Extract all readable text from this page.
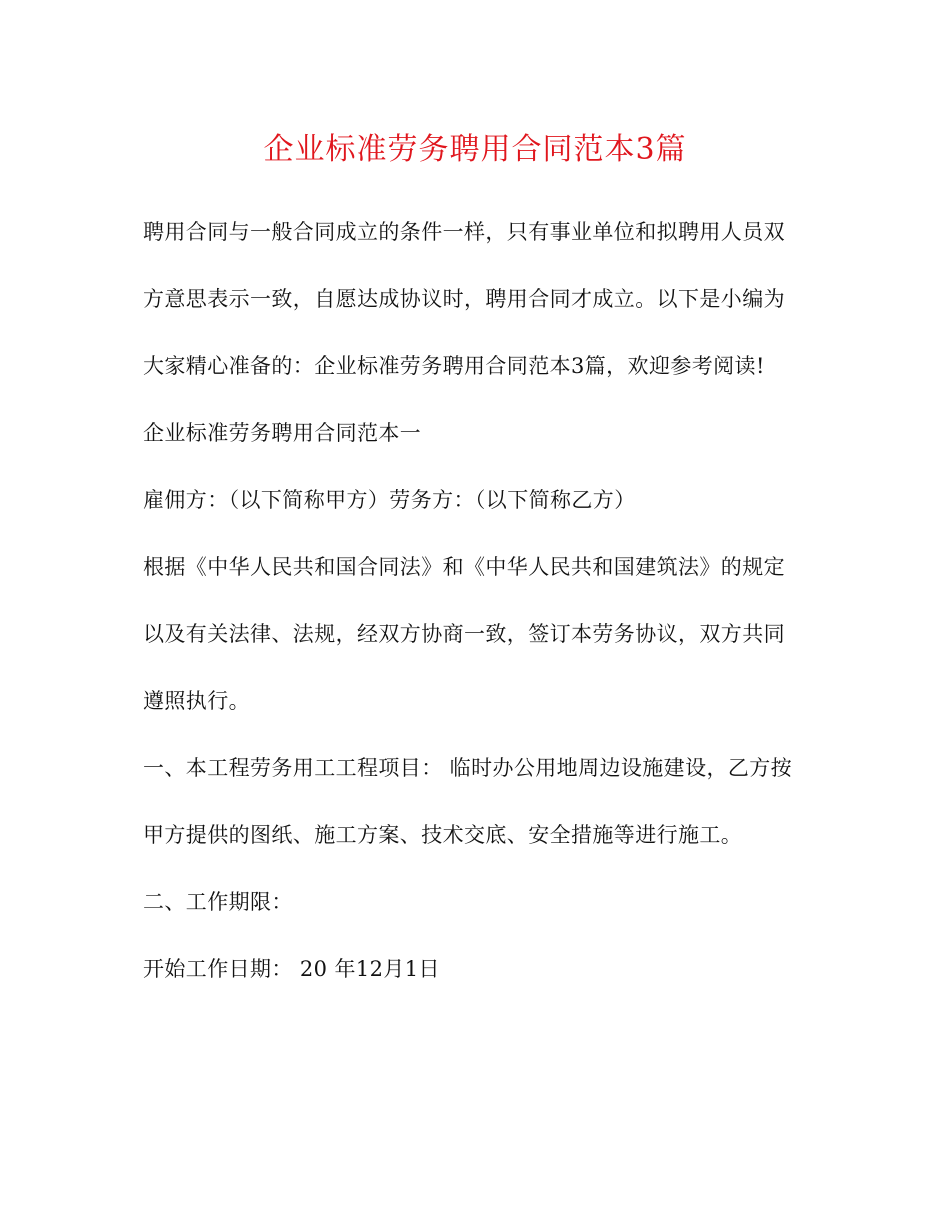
企业标准劳务聘用合同范本3篇
聘用合同与一般合同成立的条件一样，只有事业单位和拟聘用人员双
方意思表示一致，自愿达成协议时，聘用合同才成立。以下是小编为
大家精心准备的：企业标准劳务聘用合同范本3篇，欢迎参考阅读!
企业标准劳务聘用合同范本一
雇佣方：（以下简称甲方）劳务方：（以下简称乙方）
根据《中华人民共和国合同法》和《中华人民共和国建筑法》的规定
以及有关法律、法规，经双方协商一致，签订本劳务协议，双方共同
遵照执行。
一、本工程劳务用工工程项目： 临时办公用地周边设施建设，乙方按
甲方提供的图纸、施工方案、技术交底、安全措施等进行施工。
二、工作期限：
开始工作日期： 20 年12月1日
